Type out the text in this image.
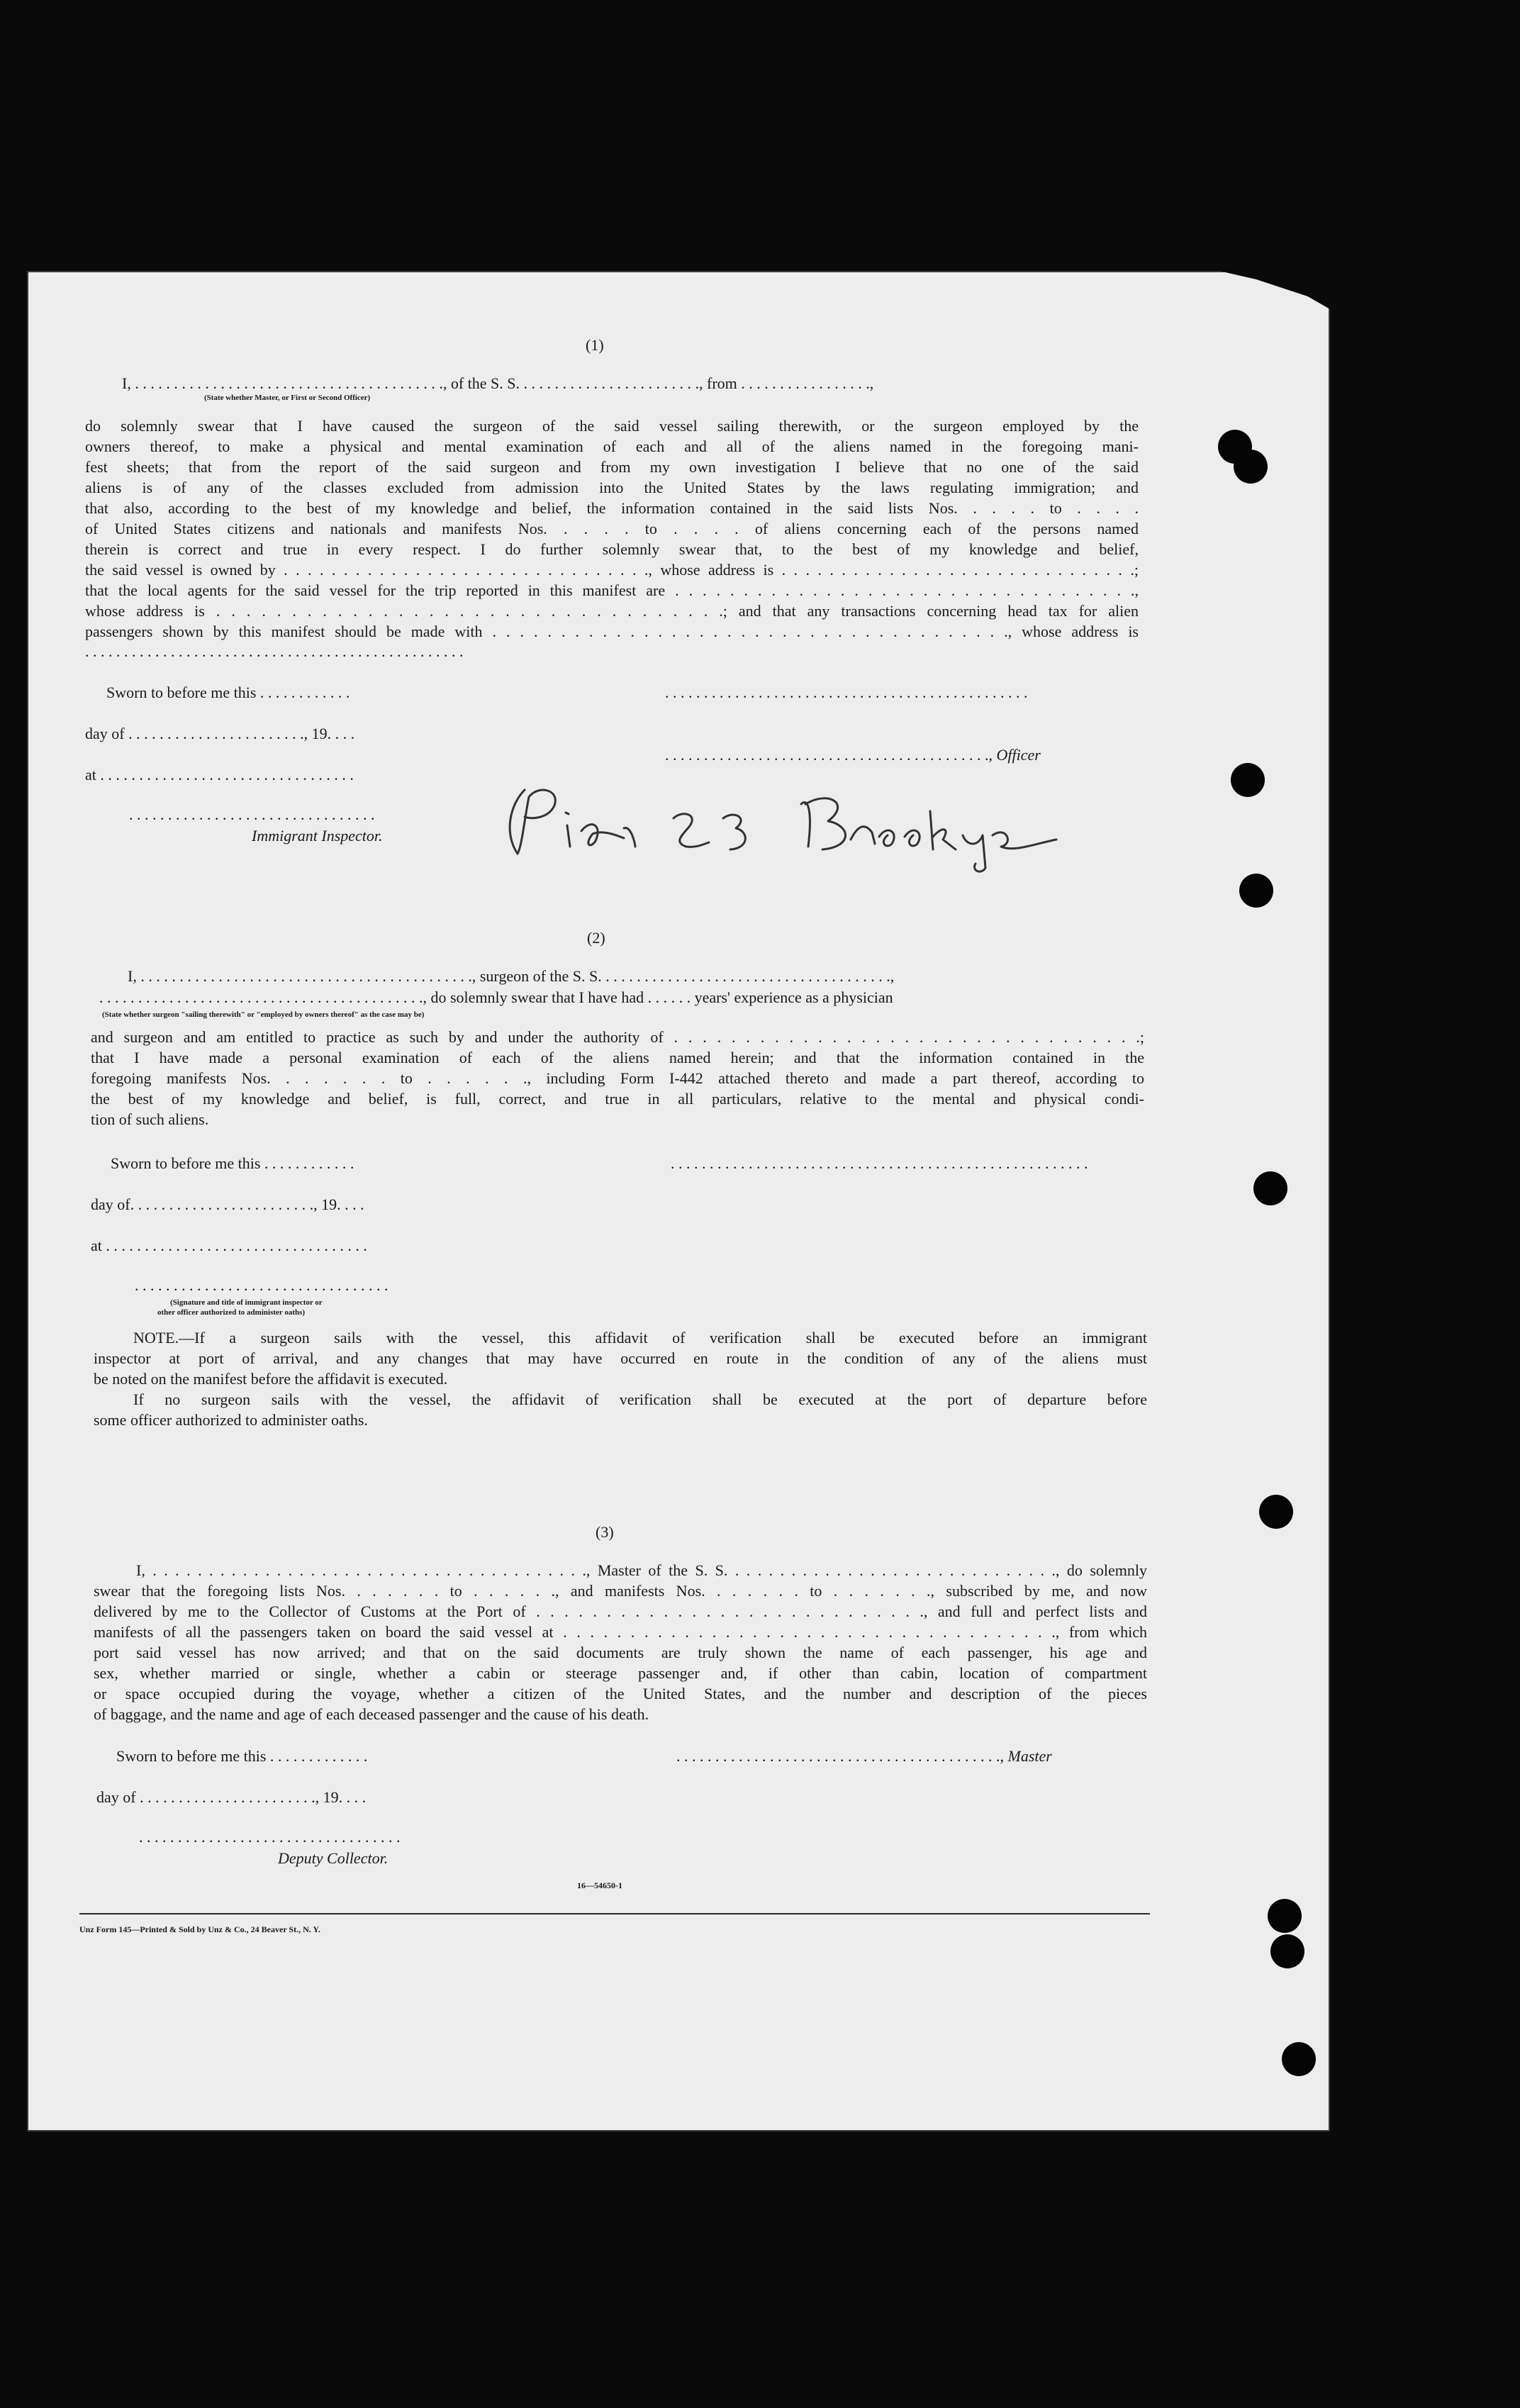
(1)
I, . . . . . . . . . . . . . . . . . . . . . . . . . . . . . . . . . . . . . . . ., of the S. S. . . . . . . . . . . . . . . . . . . . . . . ., from . . . . . . . . . . . . . . . . .,
(State whether Master, or First or Second Officer)
do solemnly swear that I have caused the surgeon of the said vessel sailing therewith, or the surgeon employed by the
owners thereof, to make a physical and mental examination of each and all of the aliens named in the foregoing mani-
fest sheets; that from the report of the said surgeon and from my own investigation I believe that no one of the said
aliens is of any of the classes excluded from admission into the United States by the laws regulating immigration; and
that also, according to the best of my knowledge and belief, the information contained in the said lists Nos. . . . . to . . . .
of United States citizens and nationals and manifests Nos. . . . . to . . . . of aliens concerning each of the persons named
therein is correct and true in every respect. I do further solemnly swear that, to the best of my knowledge and belief,
the said vessel is owned by . . . . . . . . . . . . . . . . . . . . . . . . . . . . . . ., whose address is . . . . . . . . . . . . . . . . . . . . . . . . . . . . . .;
that the local agents for the said vessel for the trip reported in this manifest are . . . . . . . . . . . . . . . . . . . . . . . . . . . . . . . . . .,
whose address is . . . . . . . . . . . . . . . . . . . . . . . . . . . . . . . . . .; and that any transactions concerning head tax for alien
passengers shown by this manifest should be made with . . . . . . . . . . . . . . . . . . . . . . . . . . . . . . . . . . . . . ., whose address is
. . . . . . . . . . . . . . . . . . . . . . . . . . . . . . . . . . . . . . . . . . . . . . . . .
Sworn to before me this . . . . . . . . . . . .	. . . . . . . . . . . . . . . . . . . . . . . . . . . . . . . . . . . . . . . . . . . . . . .
day of . . . . . . . . . . . . . . . . . . . . . . ., 19. . . .
. . . . . . . . . . . . . . . . . . . . . . . . . . . . . . . . . . . . . . . . . ., Officer
at . . . . . . . . . . . . . . . . . . . . . . . . . . . . . . . . .
. . . . . . . . . . . . . . . . . . . . . . . . . . . . . . . .
Immigrant Inspector.
(2)
I, . . . . . . . . . . . . . . . . . . . . . . . . . . . . . . . . . . . . . . . . . . ., surgeon of the S. S. . . . . . . . . . . . . . . . . . . . . . . . . . . . . . . . . . . . . .,
. . . . . . . . . . . . . . . . . . . . . . . . . . . . . . . . . . . . . . . . . ., do solemnly swear that I have had . . . . . . years' experience as a physician
(State whether surgeon "sailing therewith" or "employed by owners thereof" as the case may be)
and surgeon and am entitled to practice as such by and under the authority of . . . . . . . . . . . . . . . . . . . . . . . . . . . . . . . . .;
that I have made a personal examination of each of the aliens named herein; and that the information contained in the
foregoing manifests Nos. . . . . . . to . . . . . ., including Form I-442 attached thereto and made a part thereof, according to
the best of my knowledge and belief, is full, correct, and true in all particulars, relative to the mental and physical condi-
tion of such aliens.
Sworn to before me this . . . . . . . . . . . .	. . . . . . . . . . . . . . . . . . . . . . . . . . . . . . . . . . . . . . . . . . . . . . . . . . . . . .
day of. . . . . . . . . . . . . . . . . . . . . . . ., 19. . . .
at . . . . . . . . . . . . . . . . . . . . . . . . . . . . . . . . . .
. . . . . . . . . . . . . . . . . . . . . . . . . . . . . . . . .
(Signature and title of immigrant inspector or
other officer authorized to administer oaths)
NOTE.—If a surgeon sails with the vessel, this affidavit of verification shall be executed before an immigrant
inspector at port of arrival, and any changes that may have occurred en route in the condition of any of the aliens must
be noted on the manifest before the affidavit is executed.
If no surgeon sails with the vessel, the affidavit of verification shall be executed at the port of departure before
some officer authorized to administer oaths.
(3)
I, . . . . . . . . . . . . . . . . . . . . . . . . . . . . . . . . . . . . . . ., Master of the S. S. . . . . . . . . . . . . . . . . . . . . . . . . . . . . ., do solemnly
swear that the foregoing lists Nos. . . . . . . to . . . . . ., and manifests Nos. . . . . . . to . . . . . . ., subscribed by me, and now
delivered by me to the Collector of Customs at the Port of . . . . . . . . . . . . . . . . . . . . . . . . . . . ., and full and perfect lists and
manifests of all the passengers taken on board the said vessel at . . . . . . . . . . . . . . . . . . . . . . . . . . . . . . . . . . . . ., from which
port said vessel has now arrived; and that on the said documents are truly shown the name of each passenger, his age and
sex, whether married or single, whether a cabin or steerage passenger and, if other than cabin, location of compartment
or space occupied during the voyage, whether a citizen of the United States, and the number and description of the pieces
of baggage, and the name and age of each deceased passenger and the cause of his death.
Sworn to before me this . . . . . . . . . . . . .	. . . . . . . . . . . . . . . . . . . . . . . . . . . . . . . . . . . . . . . . . ., Master
day of . . . . . . . . . . . . . . . . . . . . . . ., 19. . . .
. . . . . . . . . . . . . . . . . . . . . . . . . . . . . . . . . .
Deputy Collector.
16—54650-1
Unz Form 145—Printed & Sold by Unz & Co., 24 Beaver St., N. Y.
